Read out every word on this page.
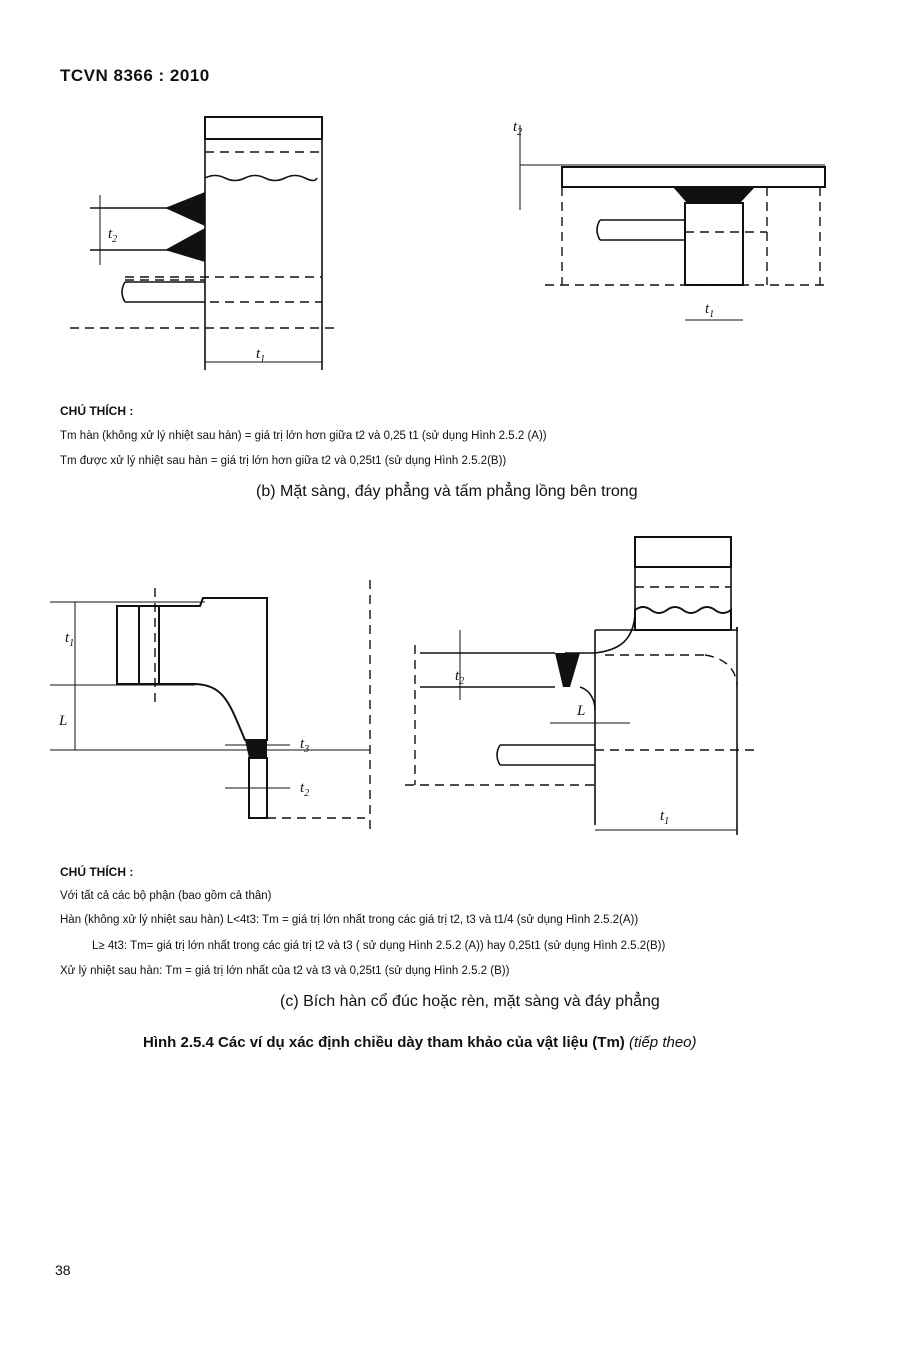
TCVN 8366 : 2010
$t_2$
$t_1$
$t_2$
$t_1$
CHÚ THÍCH :
Tm hàn (không xử lý nhiệt sau hàn) = giá trị lớn hơn giữa t2 và 0,25 t1 (sử dụng Hình 2.5.2 (A))
Tm được xử lý nhiệt sau hàn = giá trị lớn hơn giữa t2 và 0,25t1 (sử dụng Hình 2.5.2(B))
(b) Mặt sàng, đáy phẳng và tấm phẳng lồng bên trong
$t_1$
L
$t_3$
$t_2$
$t_2$
L
$t_1$
CHÚ THÍCH :
Với tất cả các bộ phận (bao gồm cả thân)
Hàn (không xử lý nhiệt sau hàn) L<4t3: Tm = giá trị lớn nhất trong các giá trị t2, t3 và t1/4 (sử dụng Hình 2.5.2(A))
L≥ 4t3: Tm= giá trị lớn nhất trong các giá trị t2 và t3 ( sử dụng Hình 2.5.2 (A)) hay 0,25t1 (sử dụng Hình 2.5.2(B))
Xử lý nhiệt sau hàn: Tm = giá trị lớn nhất của t2 và t3 và 0,25t1 (sử dụng Hình 2.5.2 (B))
(c) Bích hàn cổ đúc hoặc rèn, mặt sàng và đáy phẳng
Hình 2.5.4 Các ví dụ xác định chiều dày tham khảo của vật liệu (Tm) (tiếp theo)
38
